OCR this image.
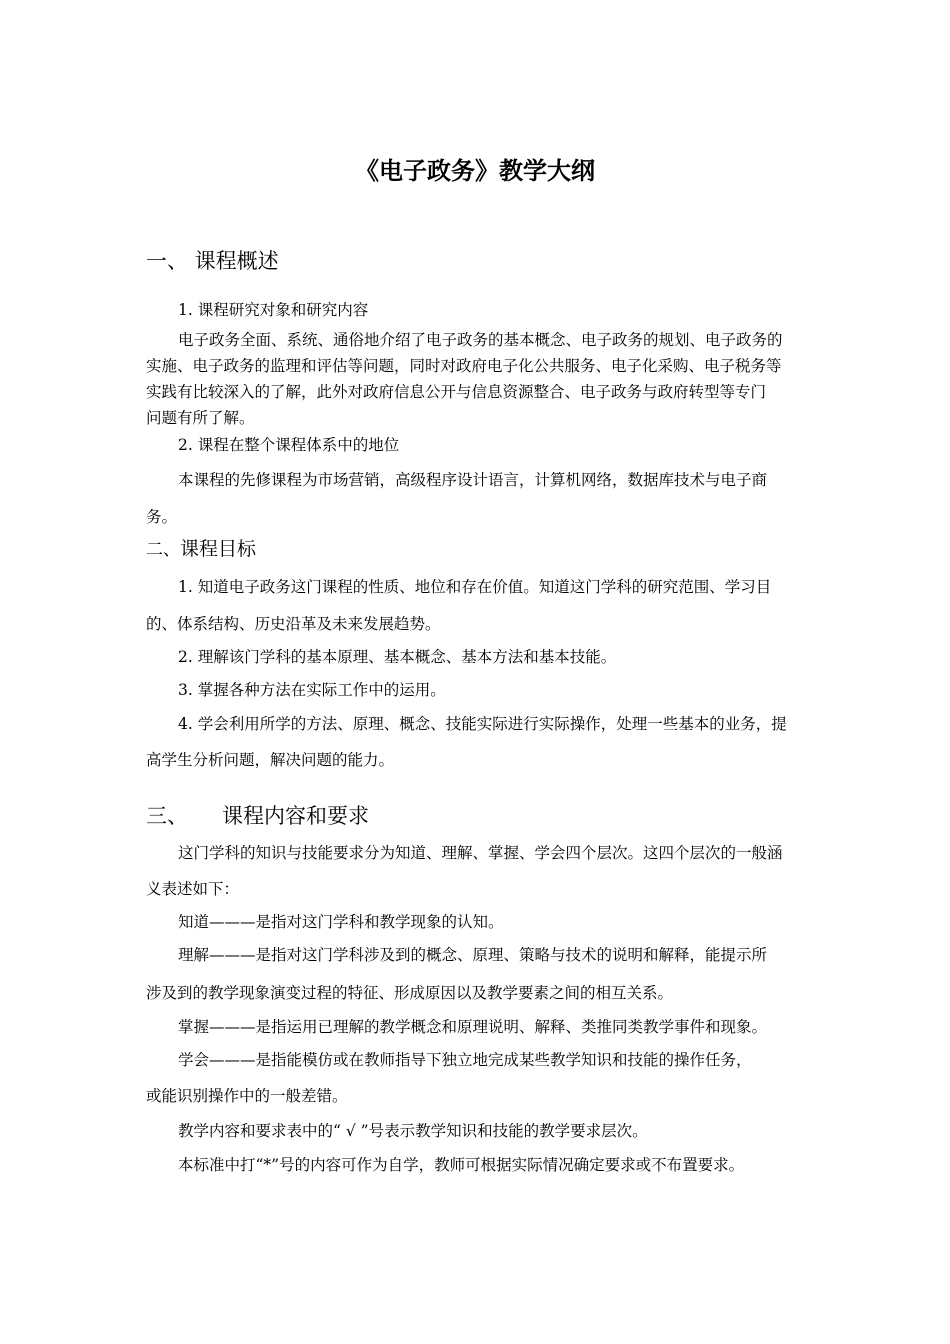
《电子政务》教学大纲
一、 课程概述
1. 课程研究对象和研究内容
电子政务全面、系统、通俗地介绍了电子政务的基本概念、电子政务的规划、电子政务的
实施、电子政务的监理和评估等问题，同时对政府电子化公共服务、电子化采购、电子税务等
实践有比较深入的了解，此外对政府信息公开与信息资源整合、电子政务与政府转型等专门
问题有所了解。
2. 课程在整个课程体系中的地位
本课程的先修课程为市场营销，高级程序设计语言，计算机网络，数据库技术与电子商
务。
二、课程目标
1. 知道电子政务这门课程的性质、地位和存在价值。知道这门学科的研究范围、学习目
的、体系结构、历史沿革及未来发展趋势。
2. 理解该门学科的基本原理、基本概念、基本方法和基本技能。
3. 掌握各种方法在实际工作中的运用。
4. 学会利用所学的方法、原理、概念、技能实际进行实际操作，处理一些基本的业务，提
高学生分析问题，解决问题的能力。
三、 课程内容和要求
这门学科的知识与技能要求分为知道、理解、掌握、学会四个层次。这四个层次的一般涵
义表述如下：
知道———是指对这门学科和教学现象的认知。
理解———是指对这门学科涉及到的概念、原理、策略与技术的说明和解释，能提示所
涉及到的教学现象演变过程的特征、形成原因以及教学要素之间的相互关系。
掌握———是指运用已理解的教学概念和原理说明、解释、类推同类教学事件和现象。
学会———是指能模仿或在教师指导下独立地完成某些教学知识和技能的操作任务，
或能识别操作中的一般差错。
教学内容和要求表中的“ √ ”号表示教学知识和技能的教学要求层次。
本标准中打“*”号的内容可作为自学，教师可根据实际情况确定要求或不布置要求。
